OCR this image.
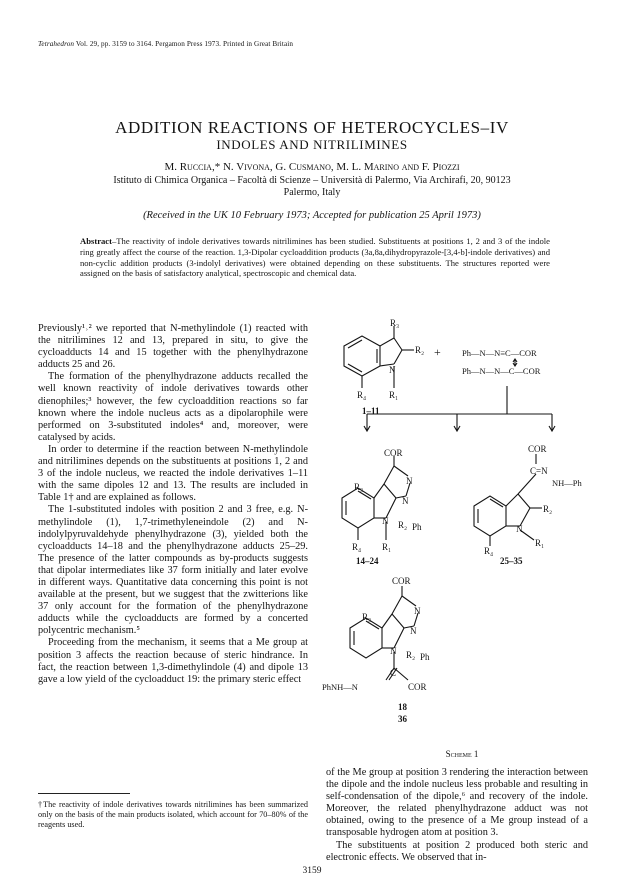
Tetrahedron Vol. 29, pp. 3159 to 3164. Pergamon Press 1973. Printed in Great Britain
ADDITION REACTIONS OF HETEROCYCLES–IV
INDOLES AND NITRILIMINES
M. Ruccia,* N. Vivona, G. Cusmano, M. L. Marino and F. Piozzi
Istituto di Chimica Organica – Facoltà di Scienze – Università di Palermo, Via Archirafi, 20, 90123
Palermo, Italy
(Received in the UK 10 February 1973; Accepted for publication 25 April 1973)
Abstract–The reactivity of indole derivatives towards nitrilimines has been studied. Substituents at positions 1, 2 and 3 of the indole ring greatly affect the course of the reaction. 1,3-Dipolar cycloaddition products (3a,8a,dihydropyrazole-[3,4-b]-indole derivatives) and non-cyclic addition products (3-indolyl derivatives) were obtained depending on these substituents. The structures reported were assigned on the basis of satisfactory analytical, spectroscopic and chemical data.

Previously¹˒² we reported that N-methylindole (1) reacted with the nitrilimines 12 and 13, prepared in situ, to give the cycloadducts 14 and 15 together with the phenylhydrazone adducts 25 and 26.

The formation of the phenylhydrazone adducts recalled the well known reactivity of indole derivatives towards other dienophiles;³ however, the few cycloaddition reactions so far known where the indole nucleus acts as a dipolarophile were performed on 3-substituted indoles⁴ and, moreover, were catalysed by acids.

In order to determine if the reaction between N-methylindole and nitrilimines depends on the substituents at positions 1, 2 and 3 of the indole nucleus, we reacted the indole derivatives 1–11 with the same dipoles 12 and 13. The results are included in Table 1† and are explained as follows.

The 1-substituted indoles with position 2 and 3 free, e.g. N-methylindole (1), 1,7-trimethyleneindole (2) and N-indolylpyruvaldehyde phenylhydrazone (3), yielded both the cycloadducts 14–18 and the phenylhydrazone adducts 25–29. The presence of the latter compounds as by-products suggests that dipolar intermediates like 37 form initially and later evolve in different ways. Quantitative data concerning this point is not available at the present, but we suggest that the zwitterions like 37 only account for the formation of the phenylhydrazone adducts while the cycloadducts are formed by a concerted polycentric mechanism.⁵

Proceeding from the mechanism, it seems that a Me group at position 3 affects the reaction because of steric hindrance. In fact, the reaction between 1,3-dimethylindole (4) and dipole 13 gave a low yield of the cycloadduct 19: the primary steric effect

†The reactivity of indole derivatives towards nitrilimines has been summarized only on the basis of the main products isolated, which account for 70–80% of the reagents used.
R₃
R₂
N
R₄	R₁
1–11
+ Ph—N—N≡C—COR
Ph—N—N—C—COR
COR
R₃
N
N
N R₂ Ph
R₄ R₁
14–24
COR
C=N
NH—Ph
R₂
N
R₁
R₄
25–35
COR
R₃
N
N
N R₂ Ph
C
PhNH—N	COR
18
36
Scheme 1

of the Me group at position 3 rendering the interaction between the dipole and the indole nucleus less probable and resulting in self-condensation of the dipole,⁶ and recovery of the indole. Moreover, the related phenylhydrazone adduct was not obtained, owing to the presence of a Me group instead of a transposable hydrogen atom at position 3.

The substituents at position 2 produced both steric and electronic effects. We observed that in-

3159
